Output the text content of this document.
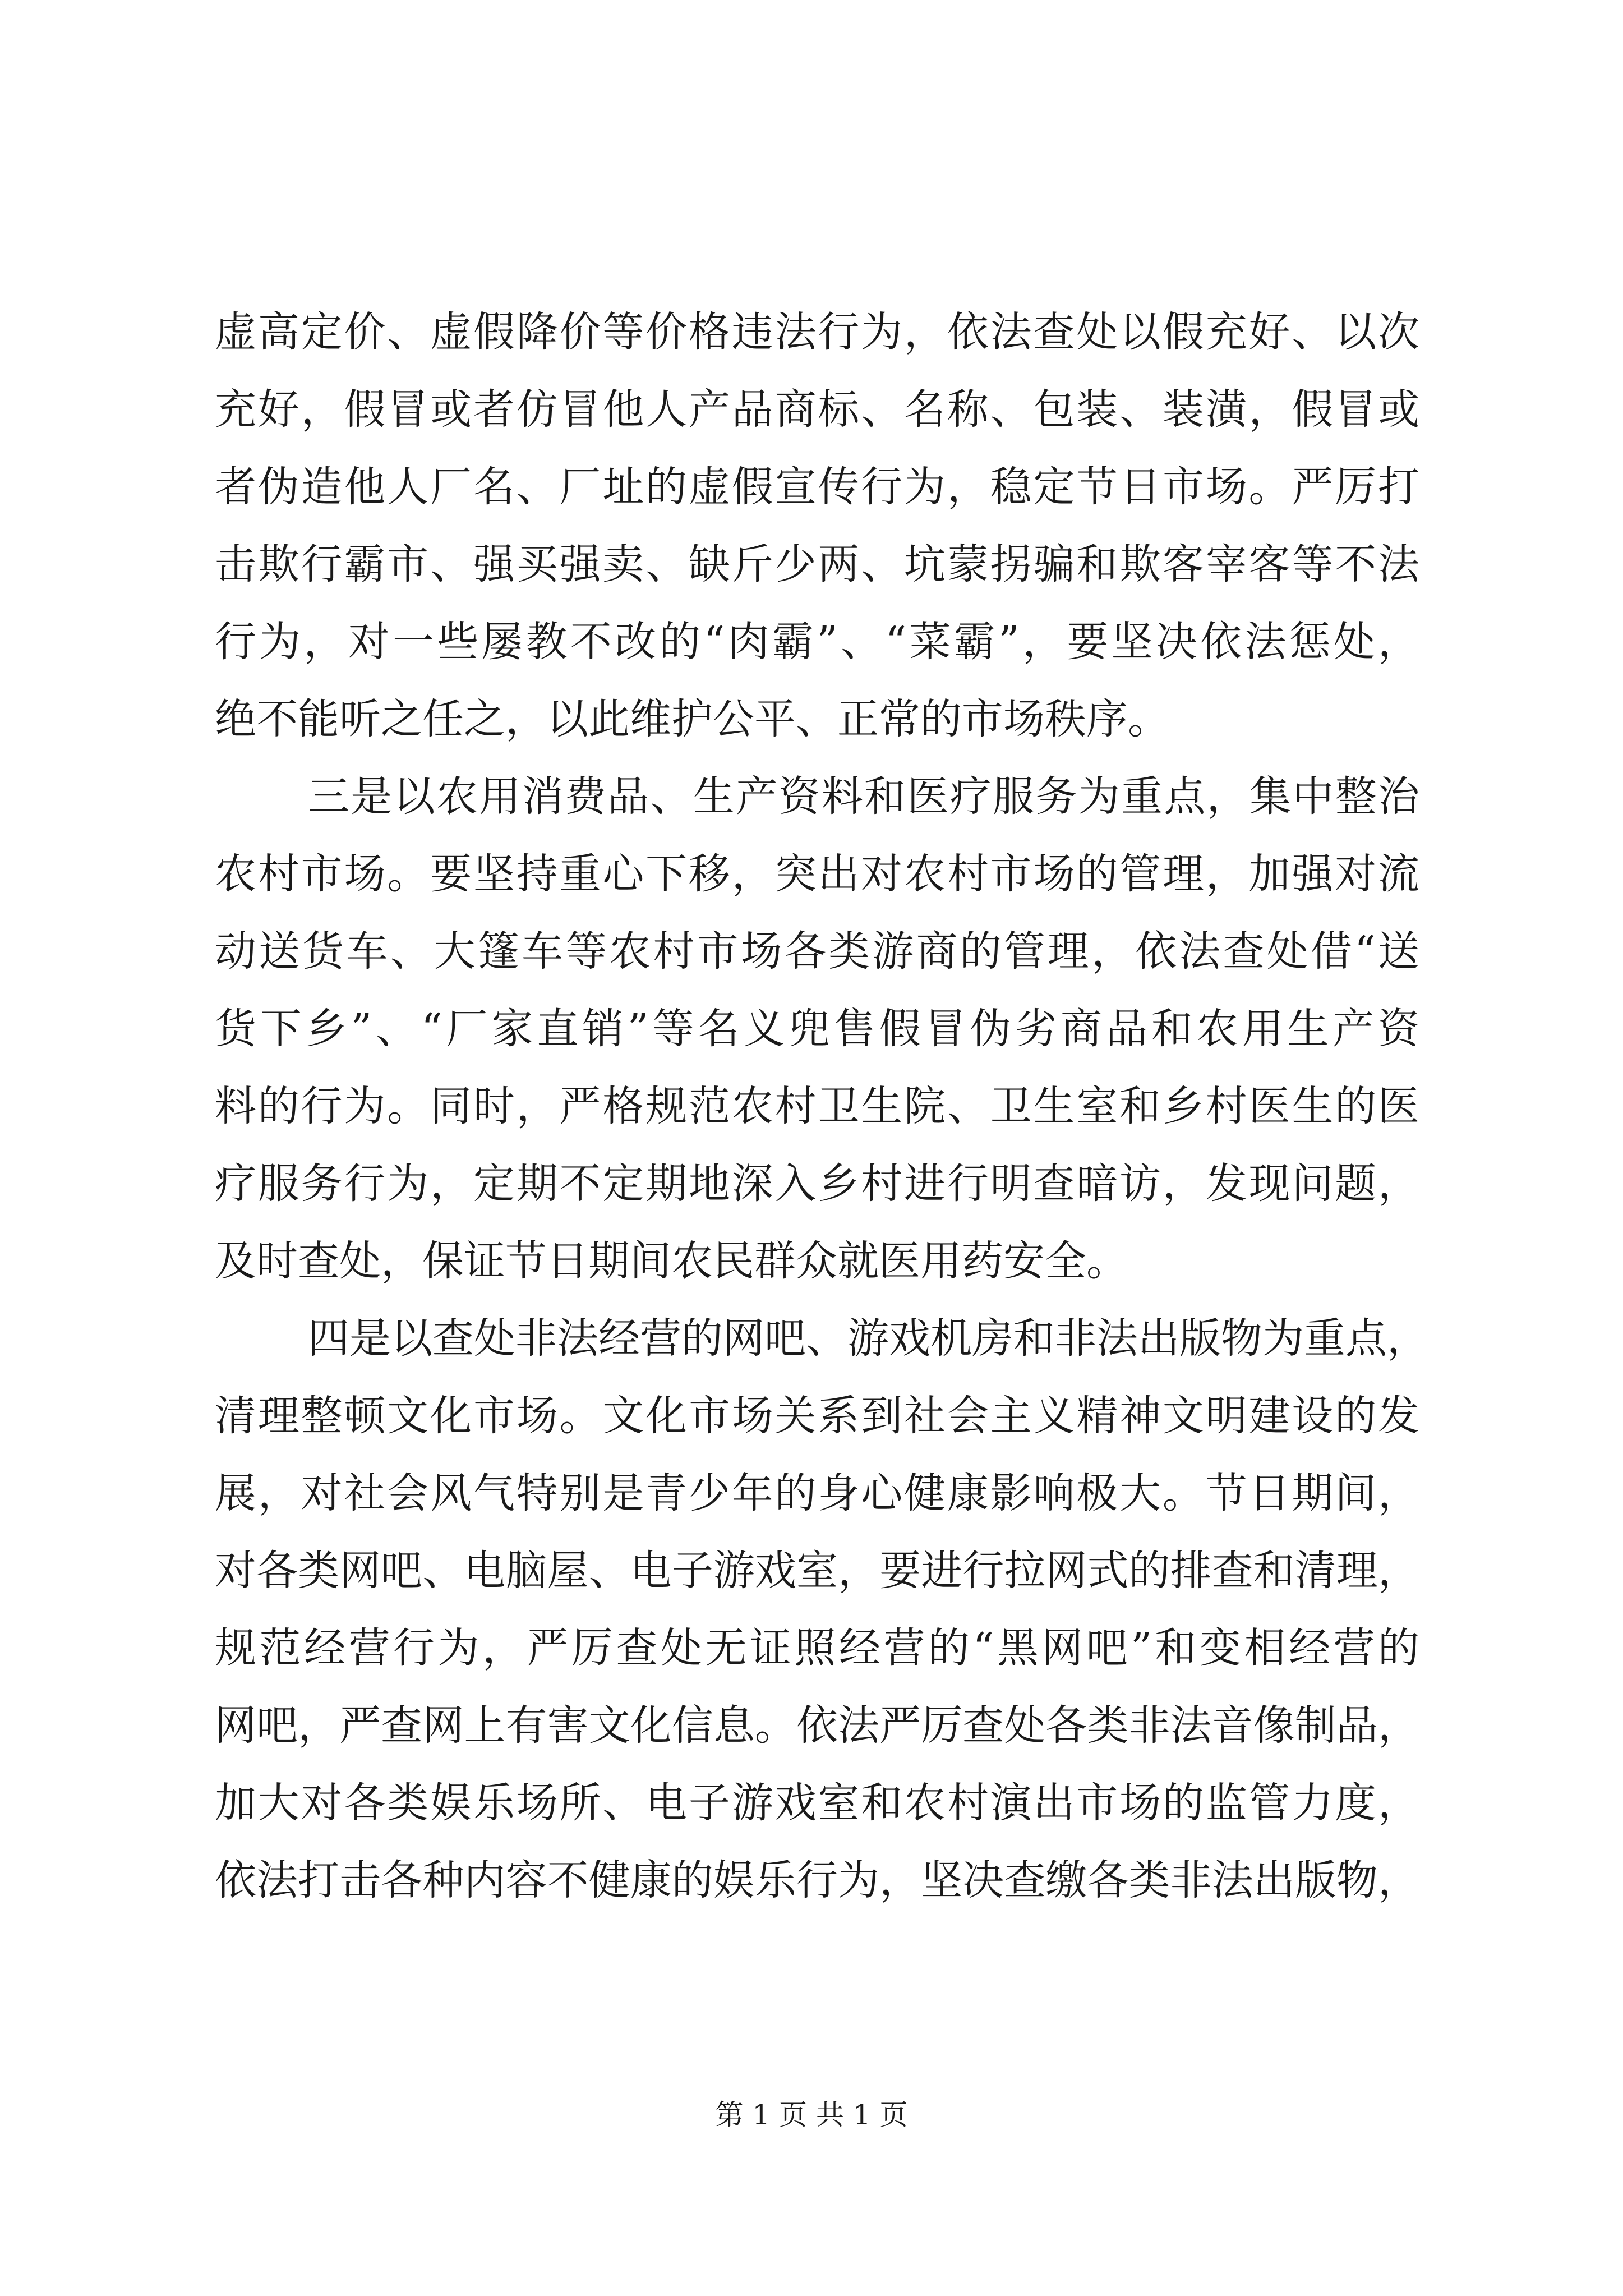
虚高定价、虚假降价等价格违法行为，依法查处以假充好、以次
充好，假冒或者仿冒他人产品商标、名称、包装、装潢，假冒或
者伪造他人厂名、厂址的虚假宣传行为，稳定节日市场。严厉打
击欺行霸市、强买强卖、缺斤少两、坑蒙拐骗和欺客宰客等不法
行为，对一些屡教不改的“肉霸”、“菜霸”，要坚决依法惩处，
绝不能听之任之，以此维护公平、正常的市场秩序。
三是以农用消费品、生产资料和医疗服务为重点，集中整治
农村市场。要坚持重心下移，突出对农村市场的管理，加强对流
动送货车、大篷车等农村市场各类游商的管理，依法查处借“送
货下乡”、“厂家直销”等名义兜售假冒伪劣商品和农用生产资
料的行为。同时，严格规范农村卫生院、卫生室和乡村医生的医
疗服务行为，定期不定期地深入乡村进行明查暗访，发现问题，
及时查处，保证节日期间农民群众就医用药安全。
四是以查处非法经营的网吧、游戏机房和非法出版物为重点，
清理整顿文化市场。文化市场关系到社会主义精神文明建设的发
展，对社会风气特别是青少年的身心健康影响极大。节日期间，
对各类网吧、电脑屋、电子游戏室，要进行拉网式的排查和清理，
规范经营行为，严厉查处无证照经营的“黑网吧”和变相经营的
网吧，严查网上有害文化信息。依法严厉查处各类非法音像制品，
加大对各类娱乐场所、电子游戏室和农村演出市场的监管力度，
依法打击各种内容不健康的娱乐行为，坚决查缴各类非法出版物，
第 1 页 共 1 页
